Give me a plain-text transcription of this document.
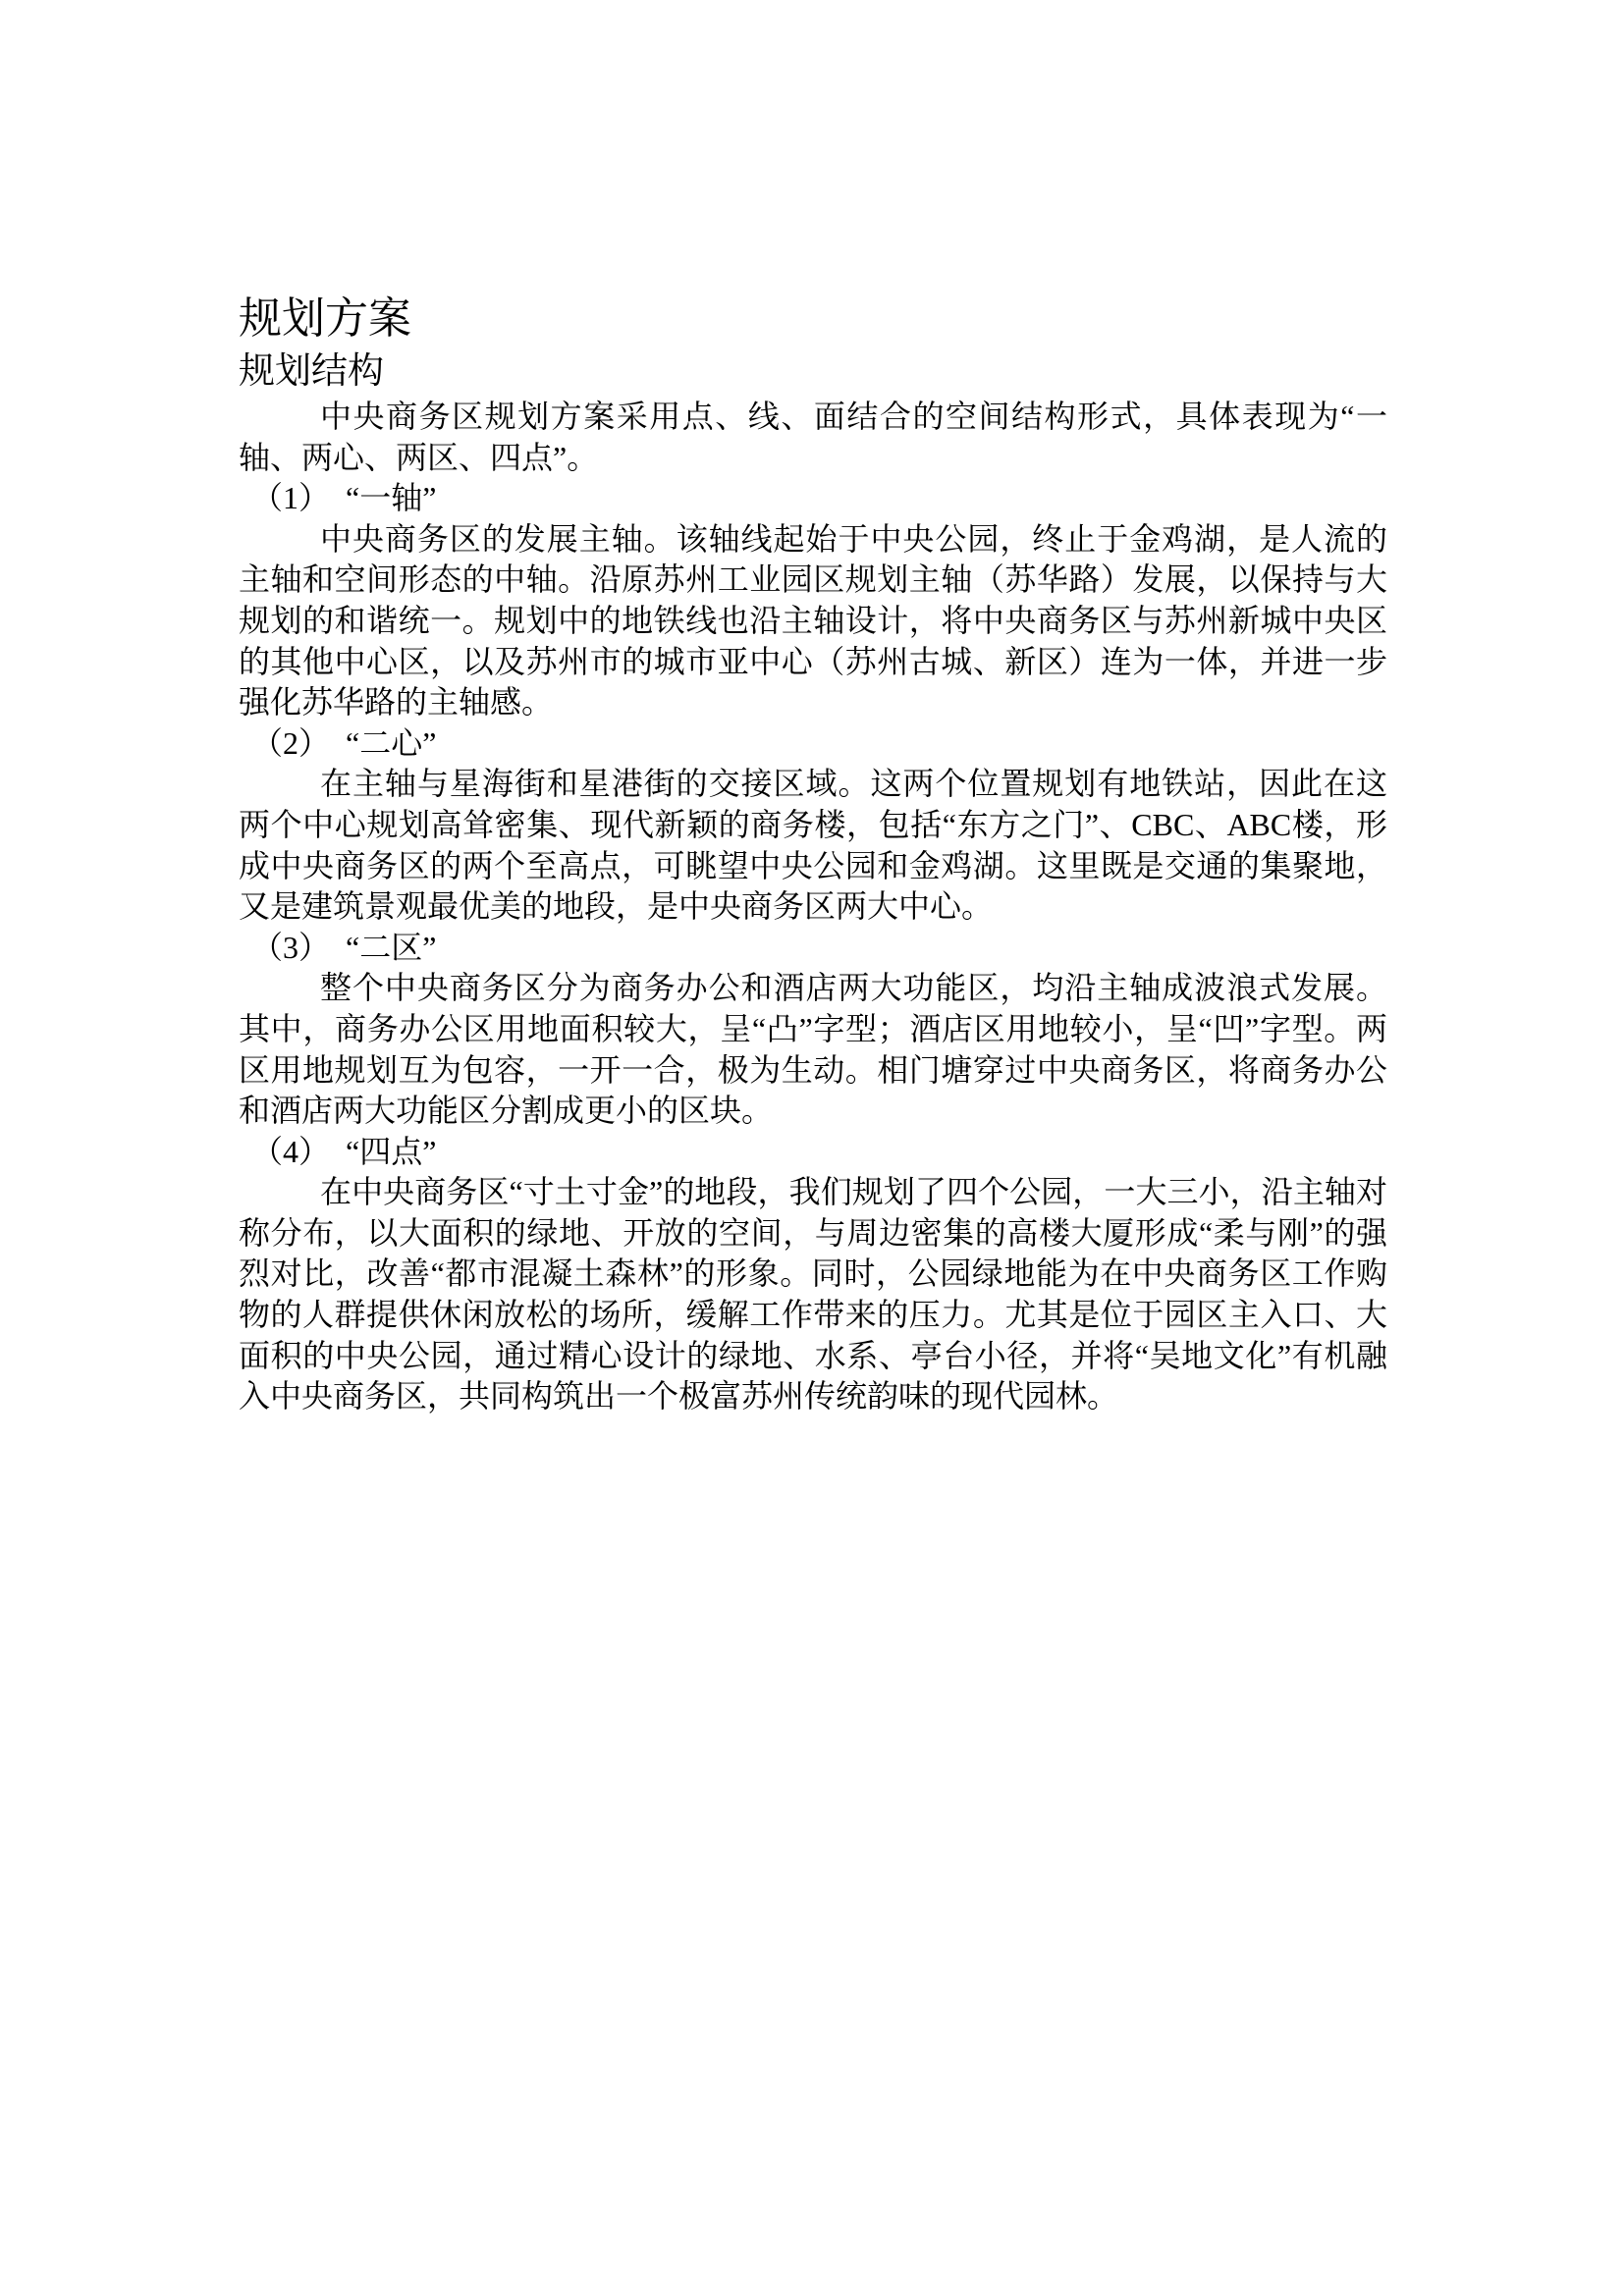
规划方案
规划结构

中央商务区规划方案采用点、线、面结合的空间结构形式，具体表现为“一轴、两心、两区、四点”。

（1）　“一轴”

中央商务区的发展主轴。该轴线起始于中央公园，终止于金鸡湖，是人流的主轴和空间形态的中轴。沿原苏州工业园区规划主轴（苏华路）发展，以保持与大规划的和谐统一。规划中的地铁线也沿主轴设计，将中央商务区与苏州新城中央区的其他中心区，以及苏州市的城市亚中心（苏州古城、新区）连为一体，并进一步强化苏华路的主轴感。

（2）　“二心”

在主轴与星海街和星港街的交接区域。这两个位置规划有地铁站，因此在这两个中心规划高耸密集、现代新颖的商务楼，包括“东方之门”、CBC、ABC楼，形成中央商务区的两个至高点，可眺望中央公园和金鸡湖。这里既是交通的集聚地，又是建筑景观最优美的地段，是中央商务区两大中心。

（3）　“二区”

整个中央商务区分为商务办公和酒店两大功能区，均沿主轴成波浪式发展。其中，商务办公区用地面积较大，呈“凸”字型；酒店区用地较小，呈“凹”字型。两区用地规划互为包容，一开一合，极为生动。相门塘穿过中央商务区，将商务办公和酒店两大功能区分割成更小的区块。

（4）　“四点”

在中央商务区“寸土寸金”的地段，我们规划了四个公园，一大三小，沿主轴对称分布，以大面积的绿地、开放的空间，与周边密集的高楼大厦形成“柔与刚”的强烈对比，改善“都市混凝土森林”的形象。同时，公园绿地能为在中央商务区工作购物的人群提供休闲放松的场所，缓解工作带来的压力。尤其是位于园区主入口、大面积的中央公园，通过精心设计的绿地、水系、亭台小径，并将“吴地文化”有机融入中央商务区，共同构筑出一个极富苏州传统韵味的现代园林。
